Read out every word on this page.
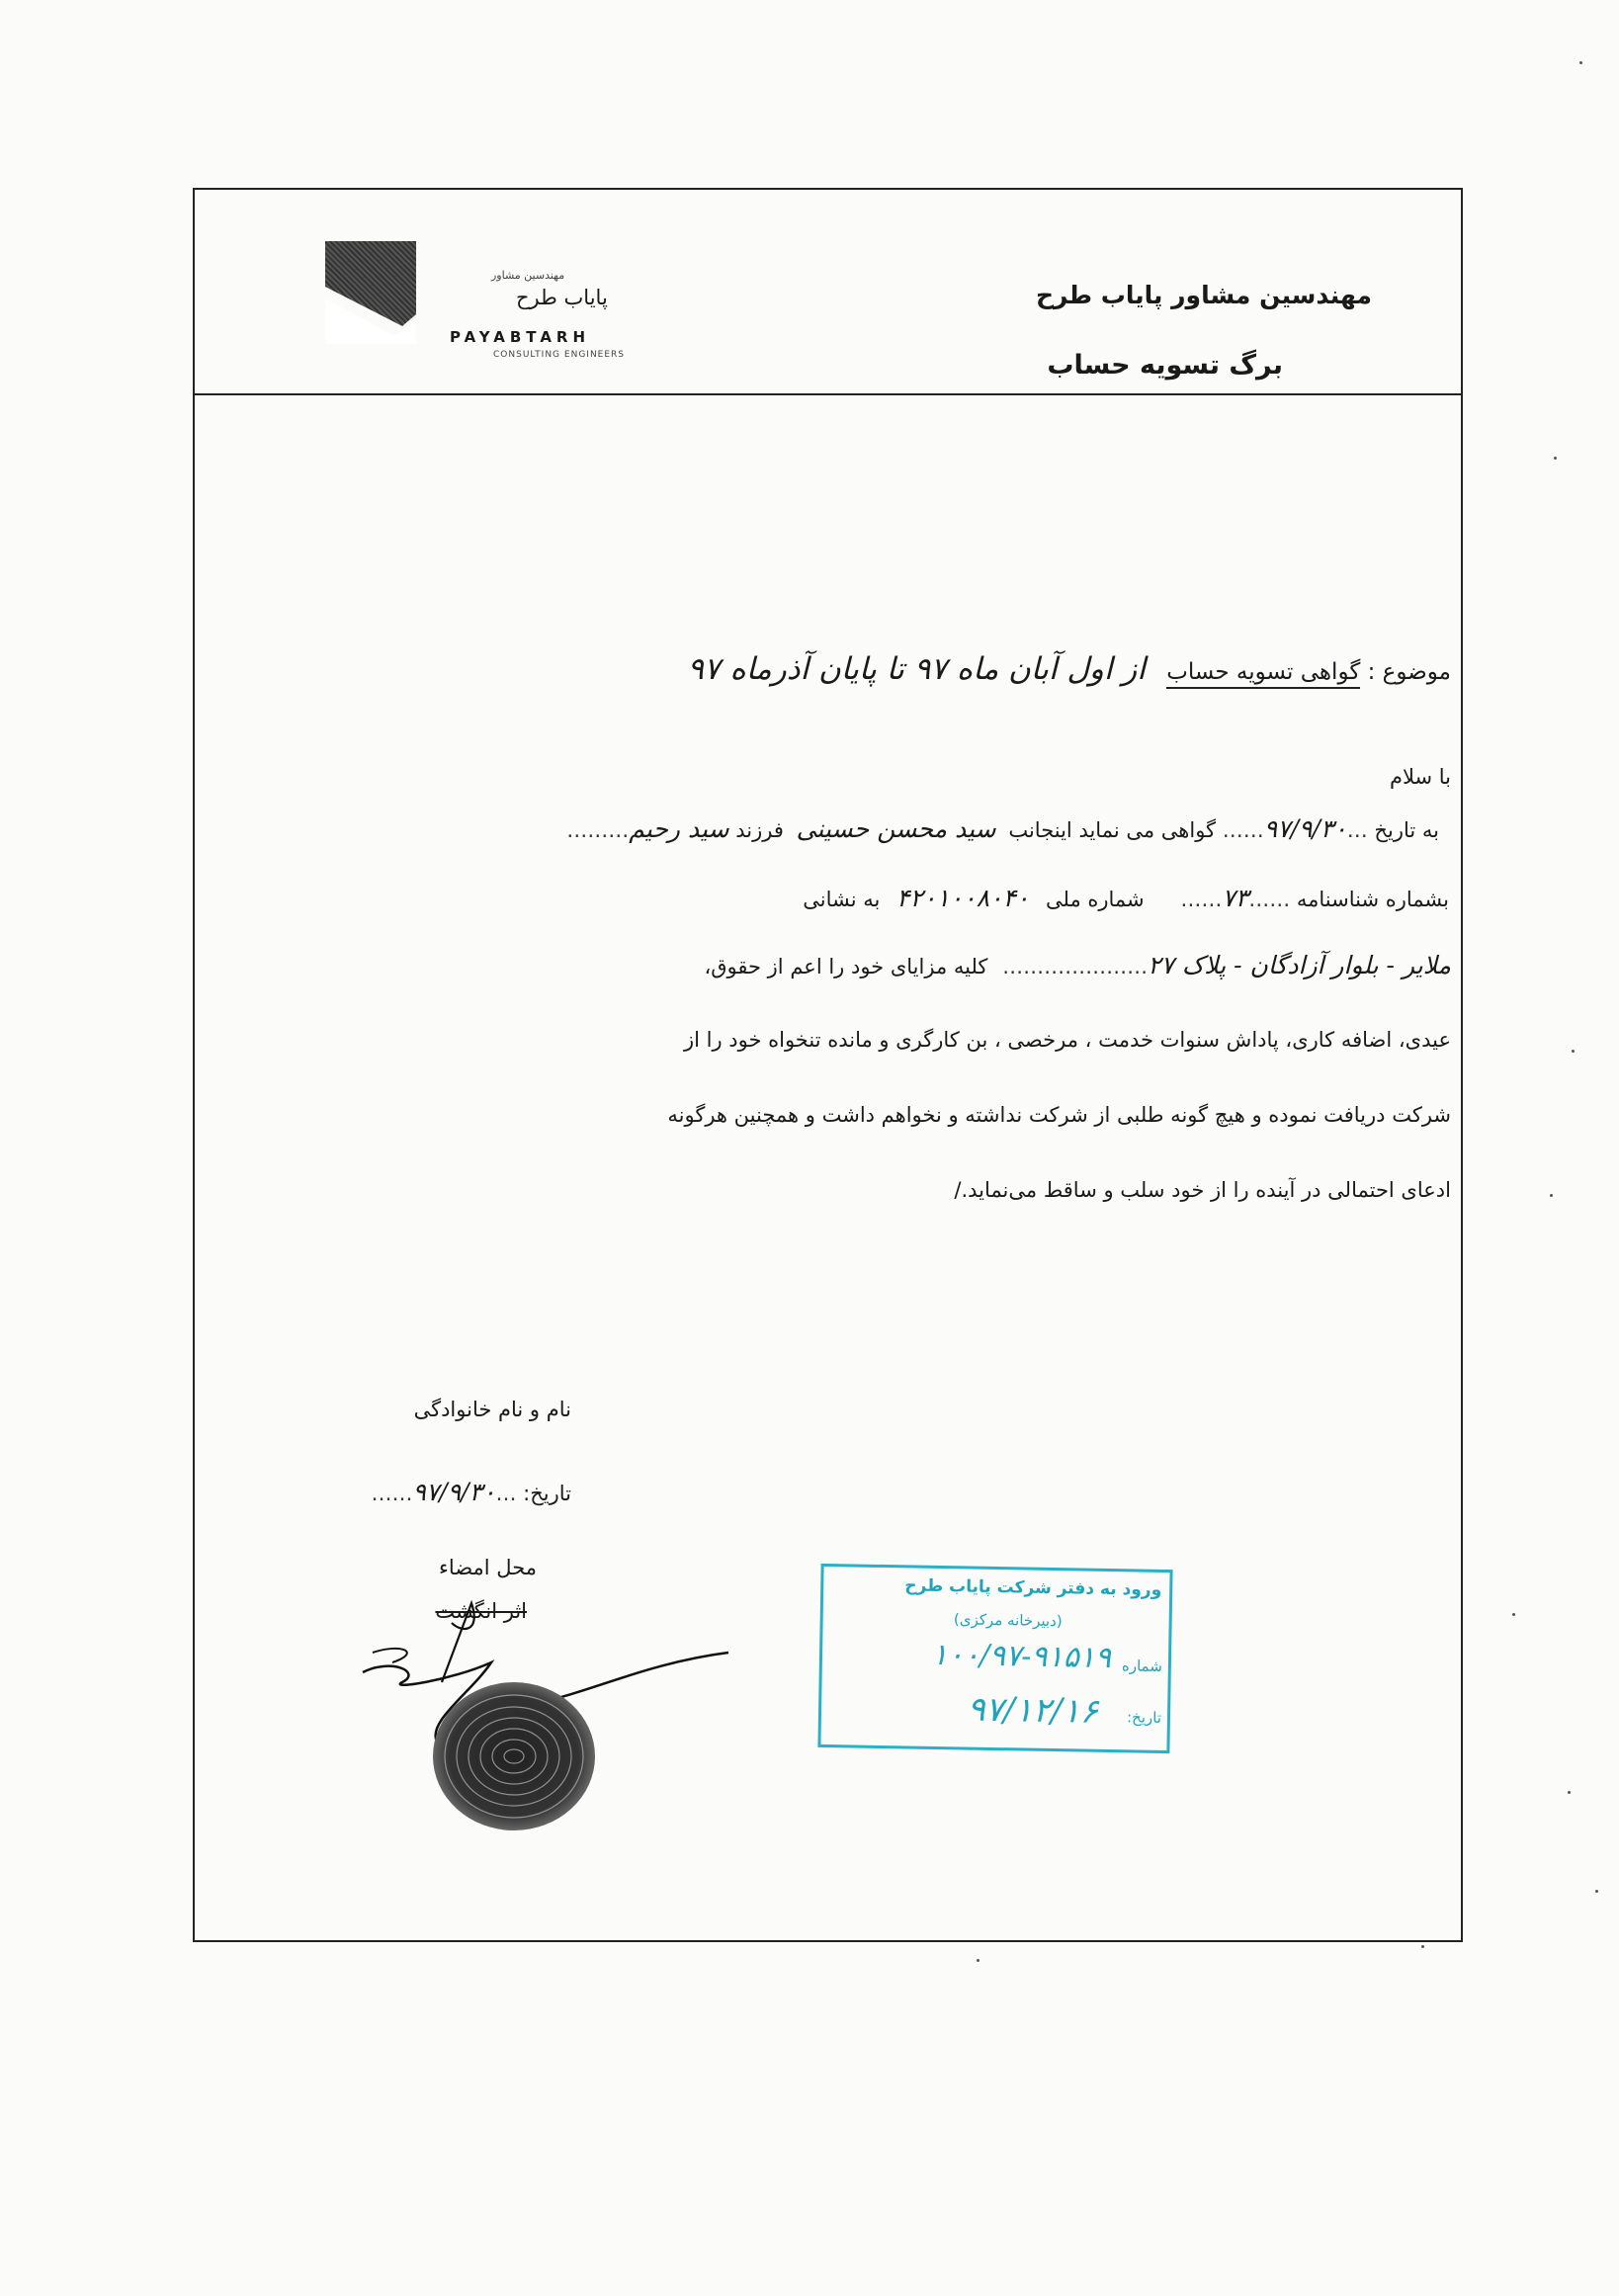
مهندسین مشاور
پایاب طرح
PAYABTARH
CONSULTING ENGINEERS
مهندسین مشاور پایاب طرح
برگ تسویه حساب
موضوع : گواهی تسویه حساب از اول آبان ماه ۹۷ تا پایان آذرماه ۹۷
با سلام
به تاریخ …۹۷/۹/۳۰…… گواهی می نماید اینجانب سید محسن حسینی فرزند سید رحیم………
بشماره شناسنامه ……۷۳…… شماره ملی ۴۲۰۱۰۰۸۰۴۰ به نشانی
ملایر - بلوار آزادگان - پلاک ۲۷………………… کلیه مزایای خود را اعم از حقوق،
عیدی، اضافه کاری، پاداش سنوات خدمت ، مرخصی ، بن کارگری و مانده تنخواه خود را از
شرکت دریافت نموده و هیچ گونه طلبی از شرکت نداشته و نخواهم داشت و همچنین هرگونه
ادعای احتمالی در آینده را از خود سلب و ساقط می‌نماید./
نام و نام خانوادگی
تاریخ: …۹۷/۹/۳۰……
محل امضاء
اثر انگشت
ورود به دفتر شرکت پایاب طرح
(دبیرخانه مرکزی)
شماره
۱۰۰/۹۷-۹۱۵۱۹
تاریخ:
۹۷/۱۲/۱۶
